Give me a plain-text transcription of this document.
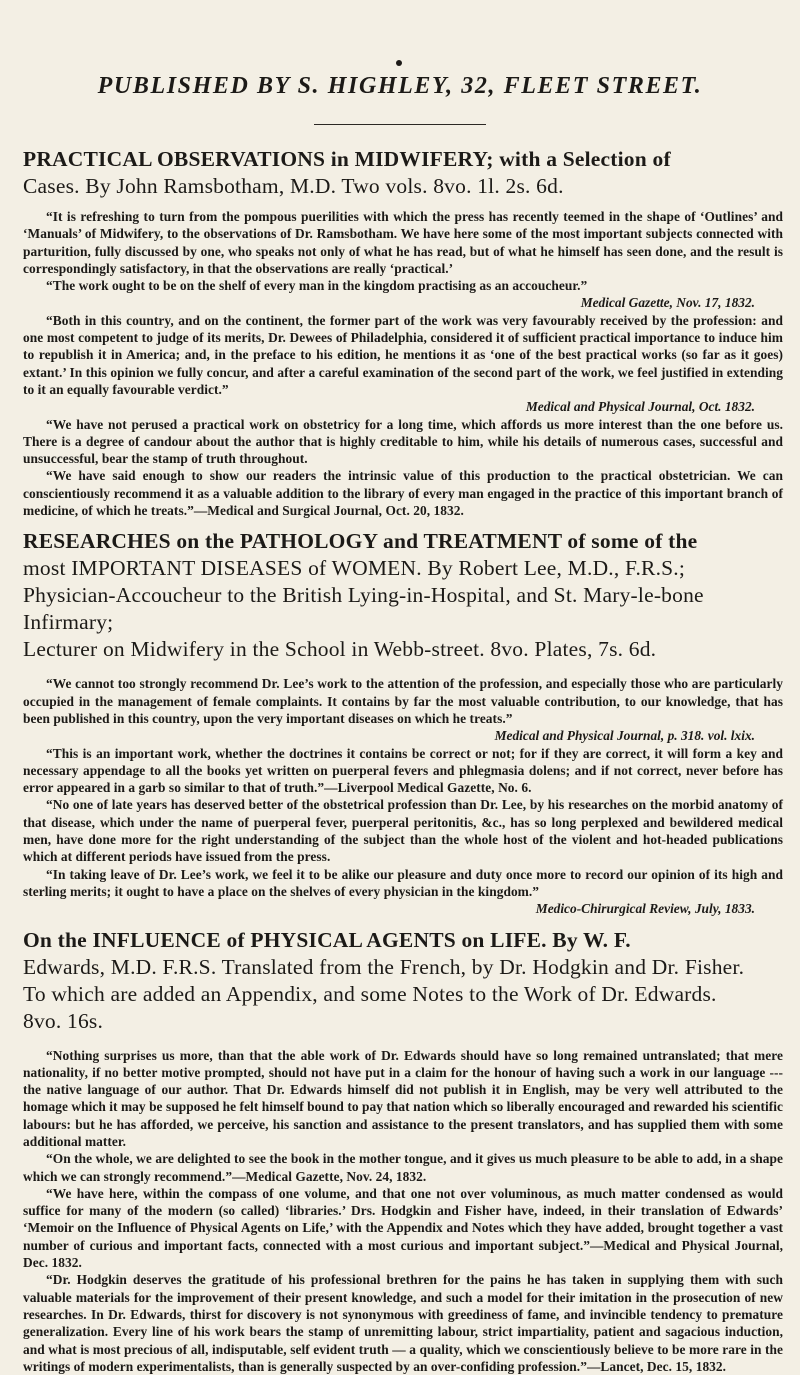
PUBLISHED BY S. HIGHLEY, 32, FLEET STREET.

PRACTICAL OBSERVATIONS in MIDWIFERY; with a Selection of
Cases. By John Ramsbotham, M.D. Two vols. 8vo. 1l. 2s. 6d.

“It is refreshing to turn from the pompous puerilities with which the press has recently teemed in the shape of ‘Outlines’ and ‘Manuals’ of Midwifery, to the observations of Dr. Ramsbotham. We have here some of the most important subjects connected with parturition, fully discussed by one, who speaks not only of what he has read, but of what he himself has seen done, and the result is correspondingly satisfactory, in that the observations are really ‘practical.’

“The work ought to be on the shelf of every man in the kingdom practising as an accoucheur.”

Medical Gazette, Nov. 17, 1832.

“Both in this country, and on the continent, the former part of the work was very favourably received by the profession: and one most competent to judge of its merits, Dr. Dewees of Philadelphia, considered it of sufficient practical importance to induce him to republish it in America; and, in the preface to his edition, he mentions it as ‘one of the best practical works (so far as it goes) extant.’ In this opinion we fully concur, and after a careful examination of the second part of the work, we feel justified in extending to it an equally favourable verdict.”

Medical and Physical Journal, Oct. 1832.

“We have not perused a practical work on obstetricy for a long time, which affords us more interest than the one before us. There is a degree of candour about the author that is highly creditable to him, while his details of numerous cases, successful and unsuccessful, bear the stamp of truth throughout.

“We have said enough to show our readers the intrinsic value of this production to the practical obstetrician. We can conscientiously recommend it as a valuable addition to the library of every man engaged in the practice of this important branch of medicine, of which he treats.”—Medical and Surgical Journal, Oct. 20, 1832.

RESEARCHES on the PATHOLOGY and TREATMENT of some of the
most IMPORTANT DISEASES of WOMEN. By Robert Lee, M.D., F.R.S.;
Physician-Accoucheur to the British Lying-in-Hospital, and St. Mary-le-bone Infirmary;
Lecturer on Midwifery in the School in Webb-street. 8vo. Plates, 7s. 6d.

“We cannot too strongly recommend Dr. Lee’s work to the attention of the profession, and especially those who are particularly occupied in the management of female complaints. It contains by far the most valuable contribution, to our knowledge, that has been published in this country, upon the very important diseases on which he treats.”

Medical and Physical Journal, p. 318. vol. lxix.

“This is an important work, whether the doctrines it contains be correct or not; for if they are correct, it will form a key and necessary appendage to all the books yet written on puerperal fevers and phlegmasia dolens; and if not correct, never before has error appeared in a garb so similar to that of truth.”—Liverpool Medical Gazette, No. 6.

“No one of late years has deserved better of the obstetrical profession than Dr. Lee, by his researches on the morbid anatomy of that disease, which under the name of puerperal fever, puerperal peritonitis, &c., has so long perplexed and bewildered medical men, have done more for the right understanding of the subject than the whole host of the violent and hot-headed publications which at different periods have issued from the press.

“In taking leave of Dr. Lee’s work, we feel it to be alike our pleasure and duty once more to record our opinion of its high and sterling merits; it ought to have a place on the shelves of every physician in the kingdom.”

Medico-Chirurgical Review, July, 1833.

On the INFLUENCE of PHYSICAL AGENTS on LIFE. By W. F.
Edwards, M.D. F.R.S. Translated from the French, by Dr. Hodgkin and Dr. Fisher.
To which are added an Appendix, and some Notes to the Work of Dr. Edwards.
8vo. 16s.

“Nothing surprises us more, than that the able work of Dr. Edwards should have so long remained untranslated; that mere nationality, if no better motive prompted, should not have put in a claim for the honour of having such a work in our language --- the native language of our author. That Dr. Edwards himself did not publish it in English, may be very well attributed to the homage which it may be supposed he felt himself bound to pay that nation which so liberally encouraged and rewarded his scientific labours: but he has afforded, we perceive, his sanction and assistance to the present translators, and has supplied them with some additional matter.

“On the whole, we are delighted to see the book in the mother tongue, and it gives us much pleasure to be able to add, in a shape which we can strongly recommend.”—Medical Gazette, Nov. 24, 1832.

“We have here, within the compass of one volume, and that one not over voluminous, as much matter condensed as would suffice for many of the modern (so called) ‘libraries.’ Drs. Hodgkin and Fisher have, indeed, in their translation of Edwards’ ‘Memoir on the Influence of Physical Agents on Life,’ with the Appendix and Notes which they have added, brought together a vast number of curious and important facts, connected with a most curious and important subject.”—Medical and Physical Journal, Dec. 1832.

“Dr. Hodgkin deserves the gratitude of his professional brethren for the pains he has taken in supplying them with such valuable materials for the improvement of their present knowledge, and such a model for their imitation in the prosecution of new researches. In Dr. Edwards, thirst for discovery is not synonymous with greediness of fame, and invincible tendency to premature generalization. Every line of his work bears the stamp of unremitting labour, strict impartiality, patient and sagacious induction, and what is most precious of all, indisputable, self evident truth — a quality, which we conscientiously believe to be more rare in the writings of modern experimentalists, than is generally suspected by an over-confiding profession.”—Lancet, Dec. 15, 1832.
